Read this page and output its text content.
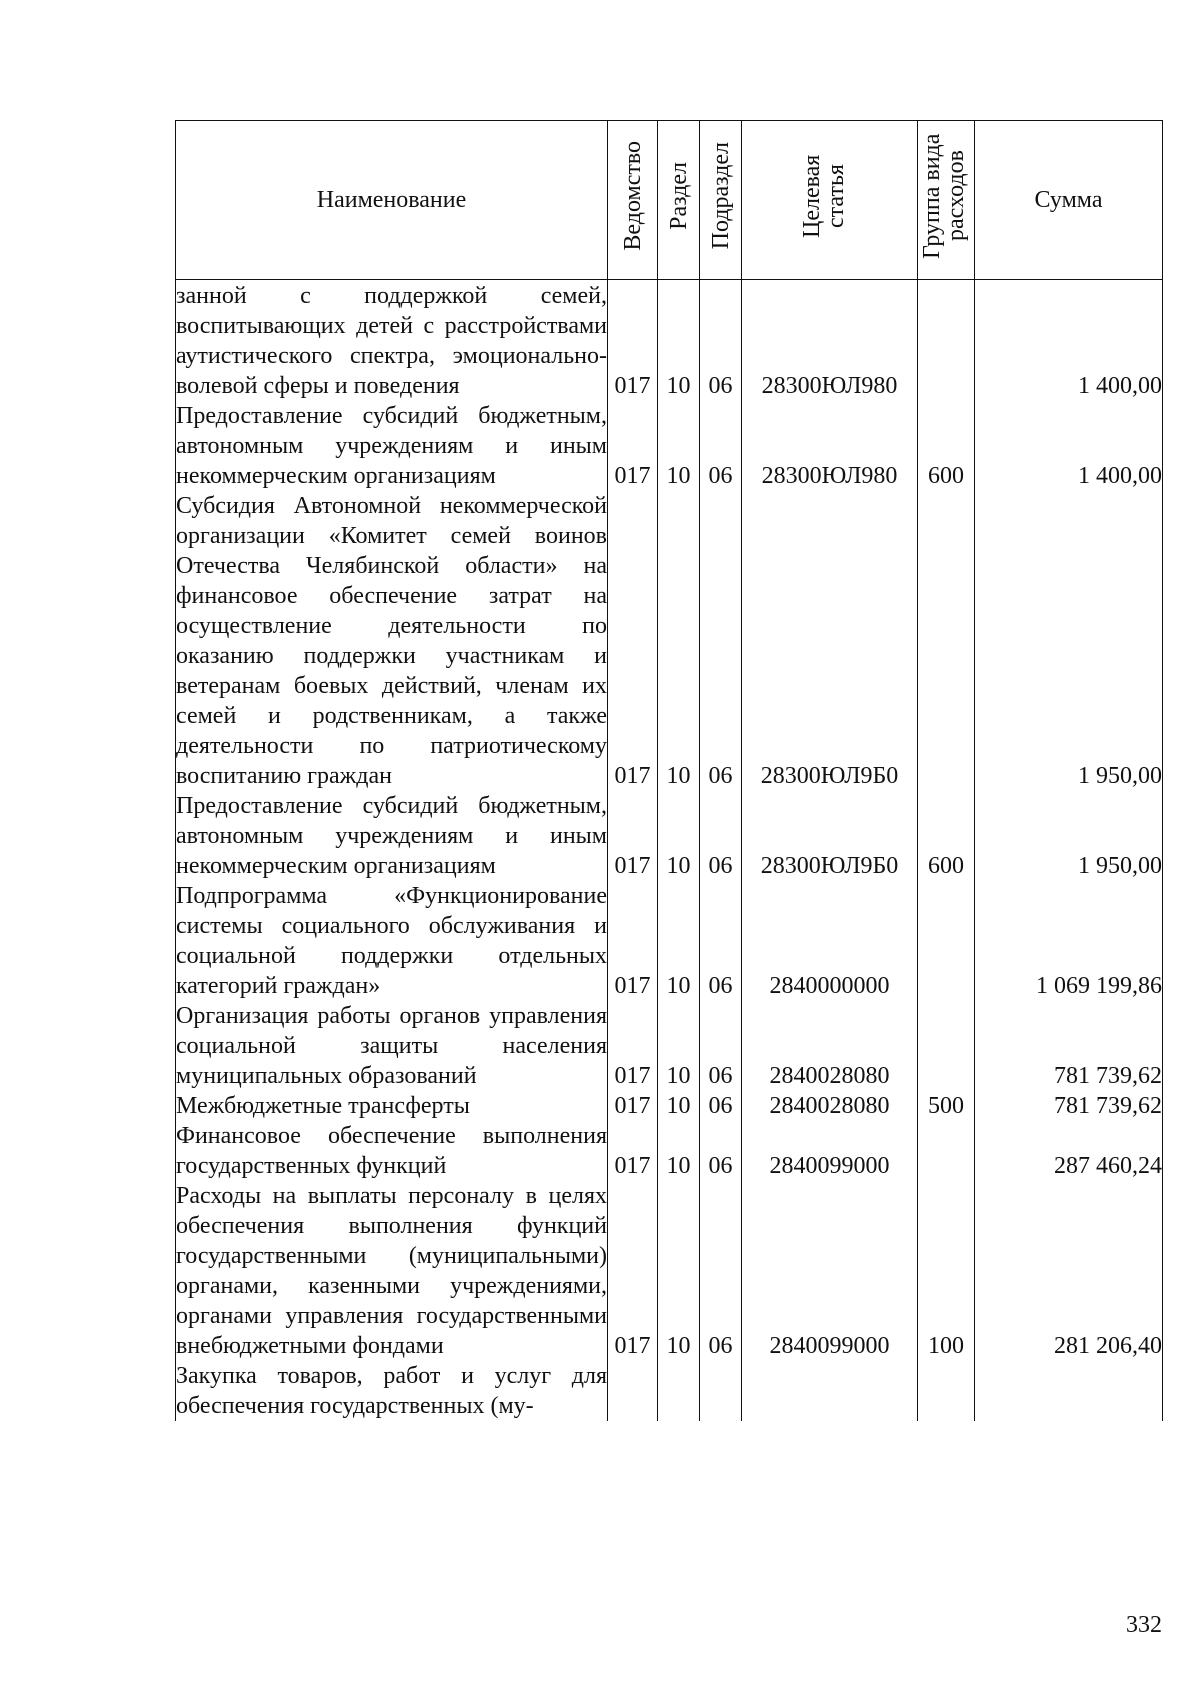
Наименование	Ведомство	Раздел	Подраздел	Целевая статья	Группа вида расходов	Сумма
занной с поддержкой семей, воспитывающих детей с расстройствами аутистического спектра, эмоционально-волевой сферы и поведения	017	10	06	28300ЮЛ980		1 400,00
Предоставление субсидий бюджетным, автономным учреждениям и иным некоммерческим организациям	017	10	06	28300ЮЛ980	600	1 400,00
Субсидия Автономной некоммерческой организации «Комитет семей воинов Отечества Челябинской области» на финансовое обеспечение затрат на осуществление деятельности по оказанию поддержки участникам и ветеранам боевых действий, членам их семей и родственникам, а также деятельности по патриотическому воспитанию граждан	017	10	06	28300ЮЛ9Б0		1 950,00
Предоставление субсидий бюджетным, автономным учреждениям и иным некоммерческим организациям	017	10	06	28300ЮЛ9Б0	600	1 950,00
Подпрограмма «Функционирование системы социального обслуживания и социальной поддержки отдельных категорий граждан»	017	10	06	2840000000		1 069 199,86
Организация работы органов управления социальной защиты населения муниципальных образований	017	10	06	2840028080		781 739,62
Межбюджетные трансферты	017	10	06	2840028080	500	781 739,62
Финансовое обеспечение выполнения государственных функций	017	10	06	2840099000		287 460,24
Расходы на выплаты персоналу в целях обеспечения выполнения функций государственными (муниципальными) органами, казенными учреждениями, органами управления государственными внебюджетными фондами	017	10	06	2840099000	100	281 206,40
Закупка товаров, работ и услуг для обеспечения государственных (му-						
332
